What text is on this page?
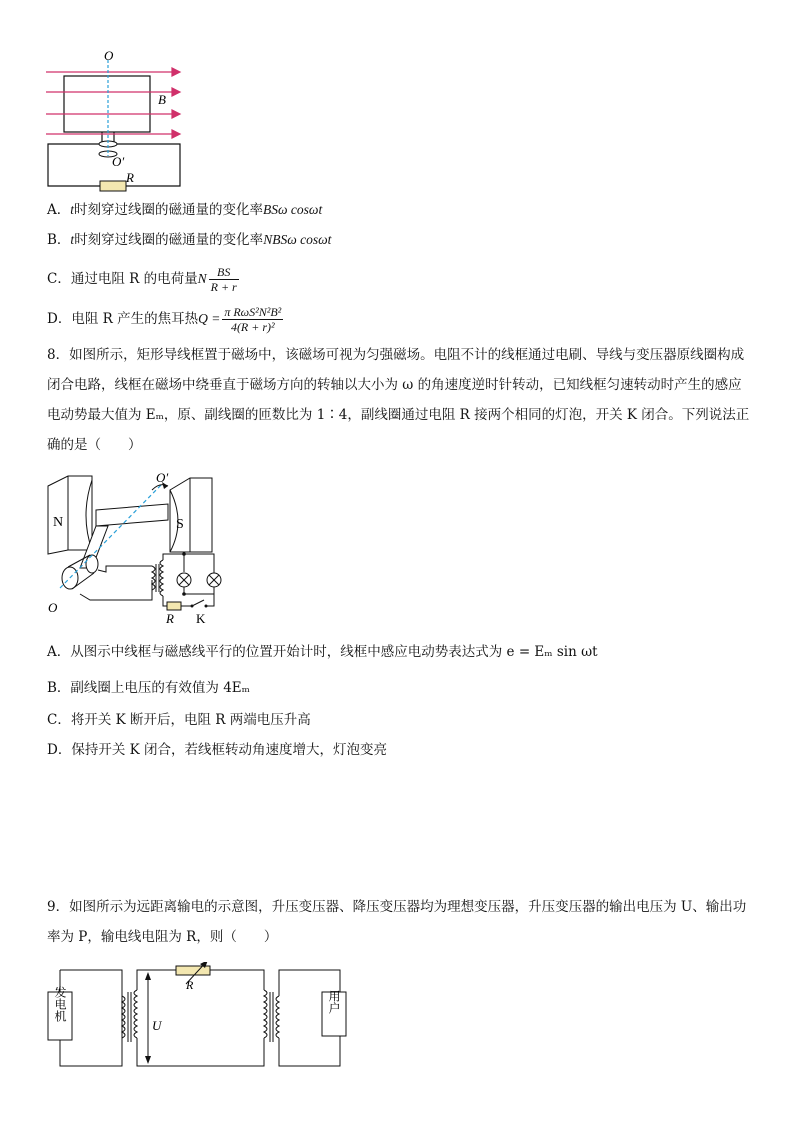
O
B
O′
R
A．t时刻穿过线圈的磁通量的变化率BSω cosωt
B．t时刻穿过线圈的磁通量的变化率NBSω cosωt
C．通过电阻 R 的电荷量N $\frac{BS}{R + r}$
D．电阻 R 产生的焦耳热$Q = \frac{\text{π RωS²N²B²}}{\text{4(R + r)²}}$
8．如图所示，矩形导线框置于磁场中，该磁场可视为匀强磁场。电阻不计的线框通过电刷、导线与变压器原线圈构成闭合电路，线框在磁场中绕垂直于磁场方向的转轴以大小为 ω 的角速度逆时针转动，已知线框匀速转动时产生的感应电动势最大值为 Eₘ，原、副线圈的匝数比为 1∶4，副线圈通过电阻 R 接两个相同的灯泡，开关 K 闭合。下列说法正确的是（　　）
N	S
O′
O
R K
A．从图示中线框与磁感线平行的位置开始计时，线框中感应电动势表达式为 e = Eₘ sin ωt
B．副线圈上电压的有效值为 4Eₘ
C．将开关 K 断开后，电阻 R 两端电压升高
D．保持开关 K 闭合，若线框转动角速度增大，灯泡变亮
9．如图所示为远距离输电的示意图，升压变压器、降压变压器均为理想变压器，升压变压器的输出电压为 U、输出功率为 P，输电线电阻为 R，则（　　）
发电机
R
U
用户
